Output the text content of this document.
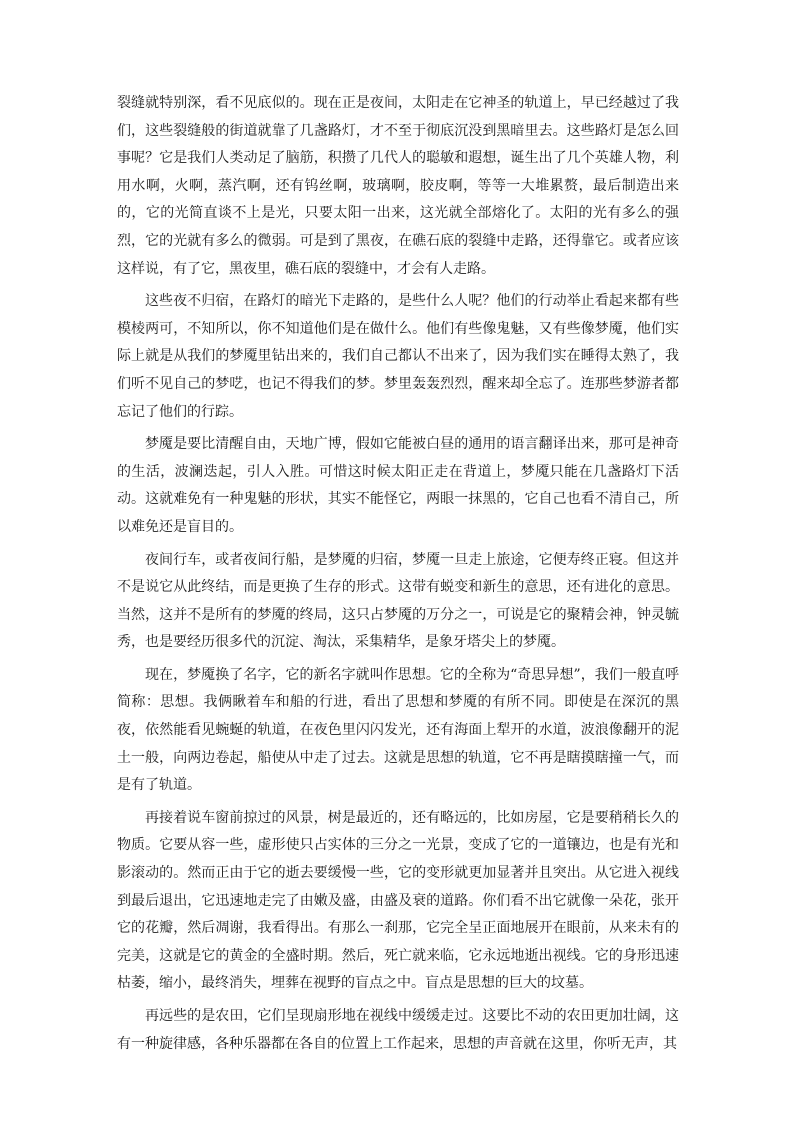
裂缝就特别深，看不见底似的。现在正是夜间，太阳走在它神圣的轨道上，早已经越过了我们，这些裂缝般的街道就靠了几盏路灯，才不至于彻底沉没到黑暗里去。这些路灯是怎么回事呢？它是我们人类动足了脑筋，积攒了几代人的聪敏和遐想，诞生出了几个英雄人物，利用水啊，火啊，蒸汽啊，还有钨丝啊，玻璃啊，胶皮啊，等等一大堆累赘，最后制造出来的，它的光简直谈不上是光，只要太阳一出来，这光就全部熔化了。太阳的光有多么的强烈，它的光就有多么的微弱。可是到了黑夜，在礁石底的裂缝中走路，还得靠它。或者应该这样说，有了它，黑夜里，礁石底的裂缝中，才会有人走路。

这些夜不归宿，在路灯的暗光下走路的，是些什么人呢？他们的行动举止看起来都有些模棱两可，不知所以，你不知道他们是在做什么。他们有些像鬼魅，又有些像梦魇，他们实际上就是从我们的梦魇里钻出来的，我们自己都认不出来了，因为我们实在睡得太熟了，我们听不见自己的梦呓，也记不得我们的梦。梦里轰轰烈烈，醒来却全忘了。连那些梦游者都忘记了他们的行踪。

梦魇是要比清醒自由，天地广博，假如它能被白昼的通用的语言翻译出来，那可是神奇的生活，波澜迭起，引人入胜。可惜这时候太阳正走在背道上，梦魇只能在几盏路灯下活动。这就难免有一种鬼魅的形状，其实不能怪它，两眼一抹黑的，它自己也看不清自己，所以难免还是盲目的。

夜间行车，或者夜间行船，是梦魇的归宿，梦魇一旦走上旅途，它便寿终正寝。但这并不是说它从此终结，而是更换了生存的形式。这带有蜕变和新生的意思，还有进化的意思。当然，这并不是所有的梦魇的终局，这只占梦魇的万分之一，可说是它的聚精会神，钟灵毓秀，也是要经历很多代的沉淀、淘汰，采集精华，是象牙塔尖上的梦魇。

现在，梦魇换了名字，它的新名字就叫作思想。它的全称为“奇思异想”，我们一般直呼简称：思想。我俩瞅着车和船的行进，看出了思想和梦魇的有所不同。即使是在深沉的黑夜，依然能看见蜿蜒的轨道，在夜色里闪闪发光，还有海面上犁开的水道，波浪像翻开的泥土一般，向两边卷起，船使从中走了过去。这就是思想的轨道，它不再是瞎摸瞎撞一气，而是有了轨道。

再接着说车窗前掠过的风景，树是最近的，还有略远的，比如房屋，它是要稍稍长久的物质。它要从容一些，虚形使只占实体的三分之一光景，变成了它的一道镶边，也是有光和影滚动的。然而正由于它的逝去要缓慢一些，它的变形就更加显著并且突出。从它进入视线到最后退出，它迅速地走完了由嫩及盛，由盛及衰的道路。你们看不出它就像一朵花，张开它的花瓣，然后凋谢，我看得出。有那么一刹那，它完全呈正面地展开在眼前，从来未有的完美，这就是它的黄金的全盛时期。然后，死亡就来临，它永远地逝出视线。它的身形迅速枯萎，缩小，最终消失，埋葬在视野的盲点之中。盲点是思想的巨大的坟墓。

再远些的是农田，它们呈现扇形地在视线中缓缓走过。这要比不动的农田更加壮阔，这有一种旋律感，各种乐器都在各自的位置上工作起来，思想的声音就在这里，你听无声，其
